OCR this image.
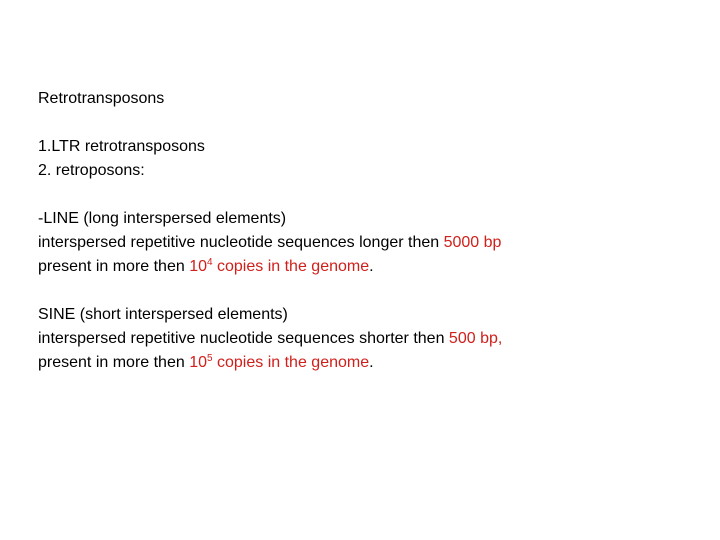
Retrotransposons
1.LTR retrotransposons
2. retroposons:
-LINE (long interspersed elements)
interspersed repetitive nucleotide sequences longer then 5000 bp
present in more then $10^4$ copies in the genome.
SINE (short interspersed elements)
interspersed repetitive nucleotide sequences shorter then 500 bp,
present in more then $10^5$ copies in the genome.
